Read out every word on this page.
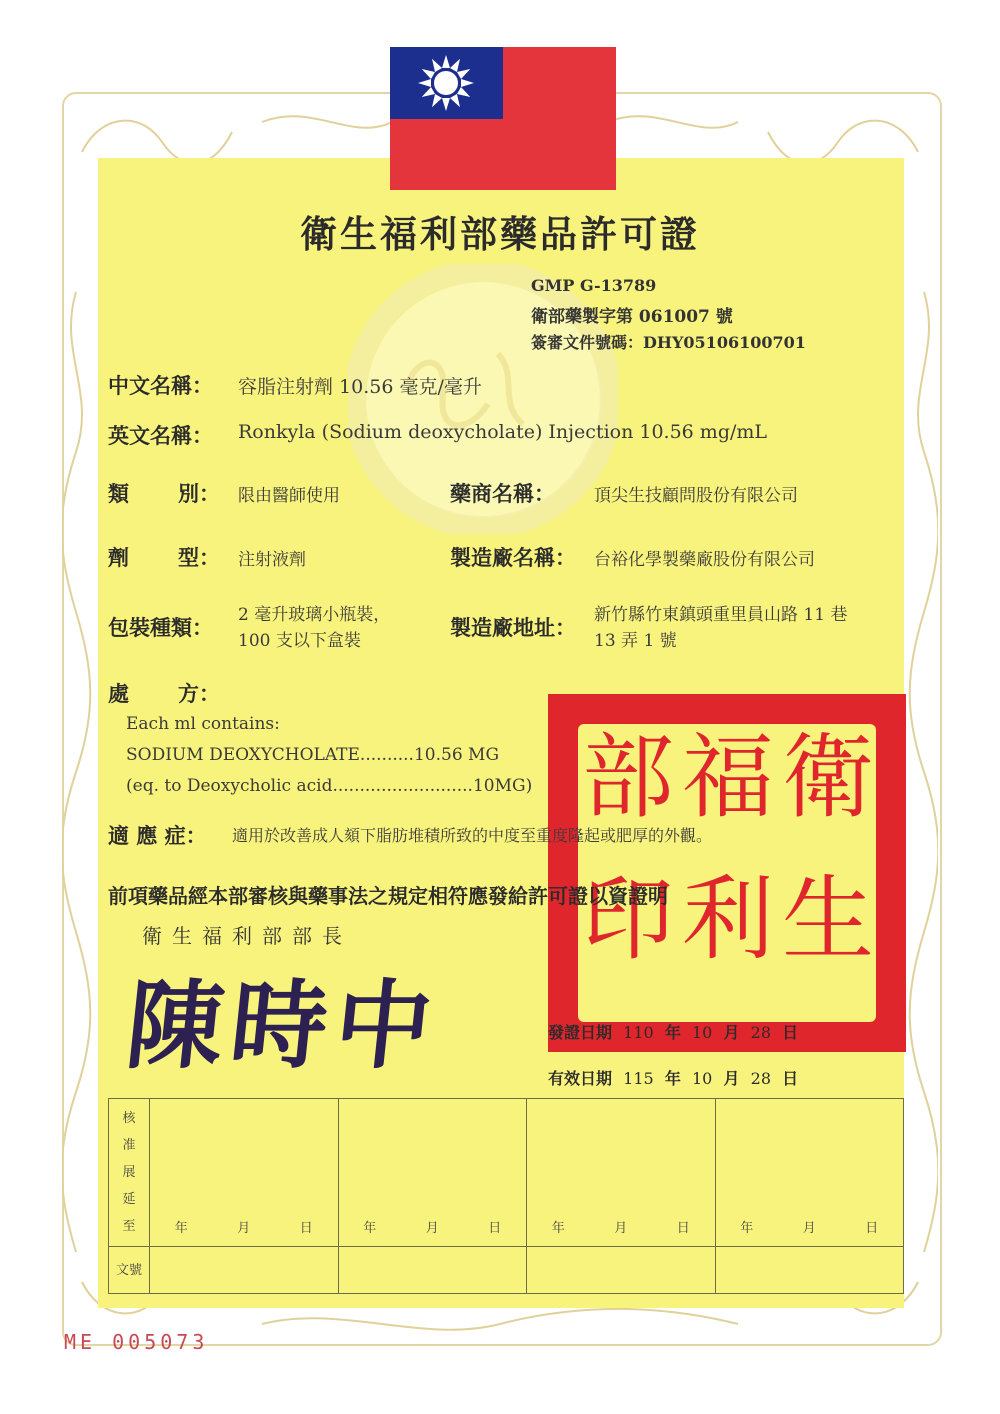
衛生福利部藥品許可證
GMP G-13789
衛部藥製字第 061007 號
簽審文件號碼：DHY05106100701
中文名稱： 容脂注射劑 10.56 毫克/毫升
英文名稱： Ronkyla (Sodium deoxycholate) Injection 10.56 mg/mL
類 別： 限由醫師使用	藥商名稱： 頂尖生技顧問股份有限公司
劑 型： 注射液劑	製造廠名稱： 台裕化學製藥廠股份有限公司
包裝種類： 2 毫升玻璃小瓶裝，
100 支以下盒裝
製造廠地址： 新竹縣竹東鎮頭重里員山路 11 巷
13 弄 1 號
處 方：
Each ml contains:
SODIUM DEOXYCHOLATE..........10.56 MG
(eq. to Deoxycholic acid..........................10MG)	衛
生
福
利
部
印
適 應 症： 適用於改善成人頦下脂肪堆積所致的中度至重度隆起或肥厚的外觀。
前項藥品經本部審核與藥事法之規定相符應發給許可證以資證明
衛生福利部部長
陳時中	發證日期 110 年 10 月 28 日
有效日期 115 年 10 月 28 日
核准展延至	年 月 日	年 月 日	年 月 日	年 月 日

文號				
ME 005073
